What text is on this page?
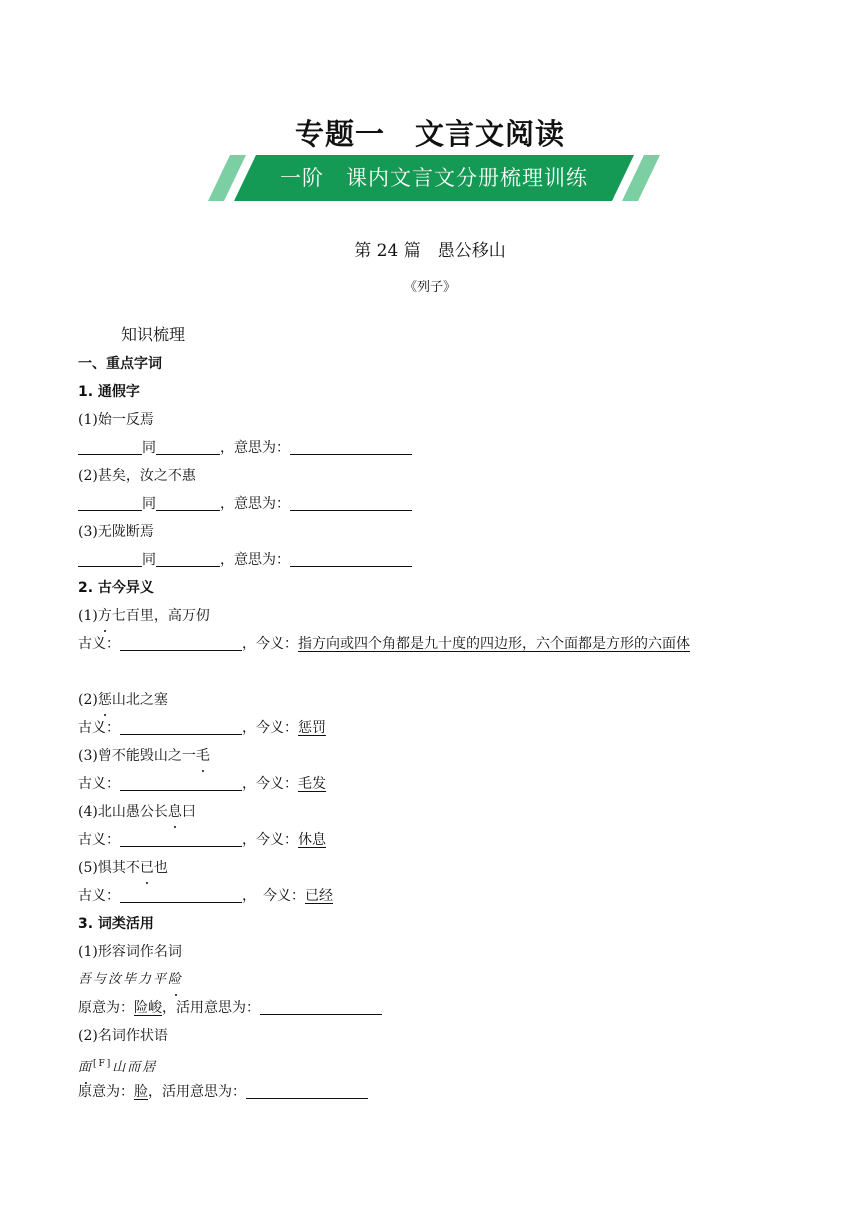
专题一　文言文阅读
一阶　课内文言文分册梳理训练
第 24 篇　愚公移山
《列子》
知识梳理
一、重点字词
1. 通假字
(1)始一反焉
同	，意思为：
(2)甚矣，汝之不惠
同	，意思为：
(3)无陇断焉
同	，意思为：
2. 古今异义
(1)方七百里，高万仞
古义：	，今义：指方向或四个角都是九十度的四边形，六个面都是方形的六面体
(2)惩山北之塞
古义：	，今义：惩罚
(3)曾不能毁山之一毛
古义：	，今义：毛发
(4)北山愚公长息曰
古义：	，今义：休息
(5)惧其不已也
古义：	，　今义：已经
3. 词类活用
(1)形容词作名词
吾与汝毕力平险
原意为：险峻，活用意思为：
(2)名词作状语
面[F]山而居
原意为：脸，活用意思为：
